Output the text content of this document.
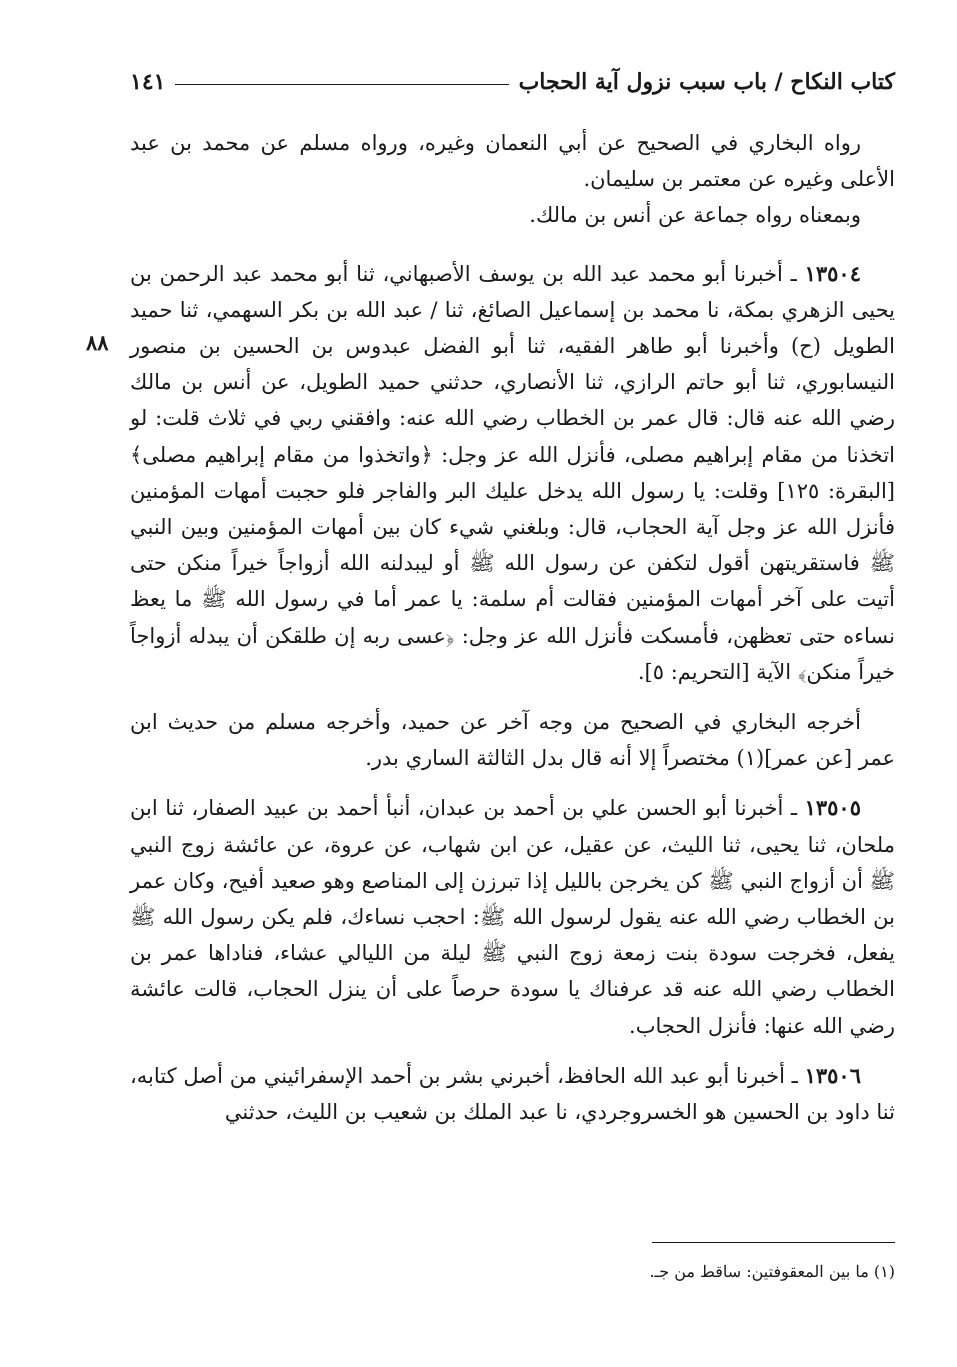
كتاب النكاح / باب سبب نزول آية الحجاب
١٤١
٨٨

رواه البخاري في الصحيح عن أبي النعمان وغيره، ورواه مسلم عن محمد بن عبد الأعلى وغيره عن معتمر بن سليمان.

وبمعناه رواه جماعة عن أنس بن مالك.

١٣٥٠٤ ـ أخبرنا أبو محمد عبد الله بن يوسف الأصبهاني، ثنا أبو محمد عبد الرحمن بن يحيى الزهري بمكة، نا محمد بن إسماعيل الصائغ، ثنا / عبد الله بن بكر السهمي، ثنا حميد الطويل (ح) وأخبرنا أبو طاهر الفقيه، ثنا أبو الفضل عبدوس بن الحسين بن منصور النيسابوري، ثنا أبو حاتم الرازي، ثنا الأنصاري، حدثني حميد الطويل، عن أنس بن مالك رضي الله عنه قال: قال عمر بن الخطاب رضي الله عنه: وافقني ربي في ثلاث قلت: لو اتخذنا من مقام إبراهيم مصلى، فأنزل الله عز وجل: ﴿واتخذوا من مقام إبراهيم مصلى﴾ [البقرة: ١٢٥] وقلت: يا رسول الله يدخل عليك البر والفاجر فلو حجبت أمهات المؤمنين فأنزل الله عز وجل آية الحجاب، قال: وبلغني شيء كان بين أمهات المؤمنين وبين النبي ﷺ فاستقريتهن أقول لتكفن عن رسول الله ﷺ أو ليبدلنه الله أزواجاً خيراً منكن حتى أتيت على آخر أمهات المؤمنين فقالت أم سلمة: يا عمر أما في رسول الله ﷺ ما يعظ نساءه حتى تعظهن، فأمسكت فأنزل الله عز وجل: ﴿عسى ربه إن طلقكن أن يبدله أزواجاً خيراً منكن﴾ الآية [التحريم: ٥].

أخرجه البخاري في الصحيح من وجه آخر عن حميد، وأخرجه مسلم من حديث ابن عمر [عن عمر](١) مختصراً إلا أنه قال بدل الثالثة الساري بدر.

١٣٥٠٥ ـ أخبرنا أبو الحسن علي بن أحمد بن عبدان، أنبأ أحمد بن عبيد الصفار، ثنا ابن ملحان، ثنا يحيى، ثنا الليث، عن عقيل، عن ابن شهاب، عن عروة، عن عائشة زوج النبي ﷺ أن أزواج النبي ﷺ كن يخرجن بالليل إذا تبرزن إلى المناصع وهو صعيد أفيح، وكان عمر بن الخطاب رضي الله عنه يقول لرسول الله ﷺ: احجب نساءك، فلم يكن رسول الله ﷺ يفعل، فخرجت سودة بنت زمعة زوج النبي ﷺ ليلة من الليالي عشاء، فناداها عمر بن الخطاب رضي الله عنه قد عرفناك يا سودة حرصاً على أن ينزل الحجاب، قالت عائشة رضي الله عنها: فأنزل الحجاب.

١٣٥٠٦ ـ أخبرنا أبو عبد الله الحافظ، أخبرني بشر بن أحمد الإسفرائيني من أصل كتابه، ثنا داود بن الحسين هو الخسروجردي، نا عبد الملك بن شعيب بن الليث، حدثني

(١) ما بين المعقوفتين: ساقط من جـ.
